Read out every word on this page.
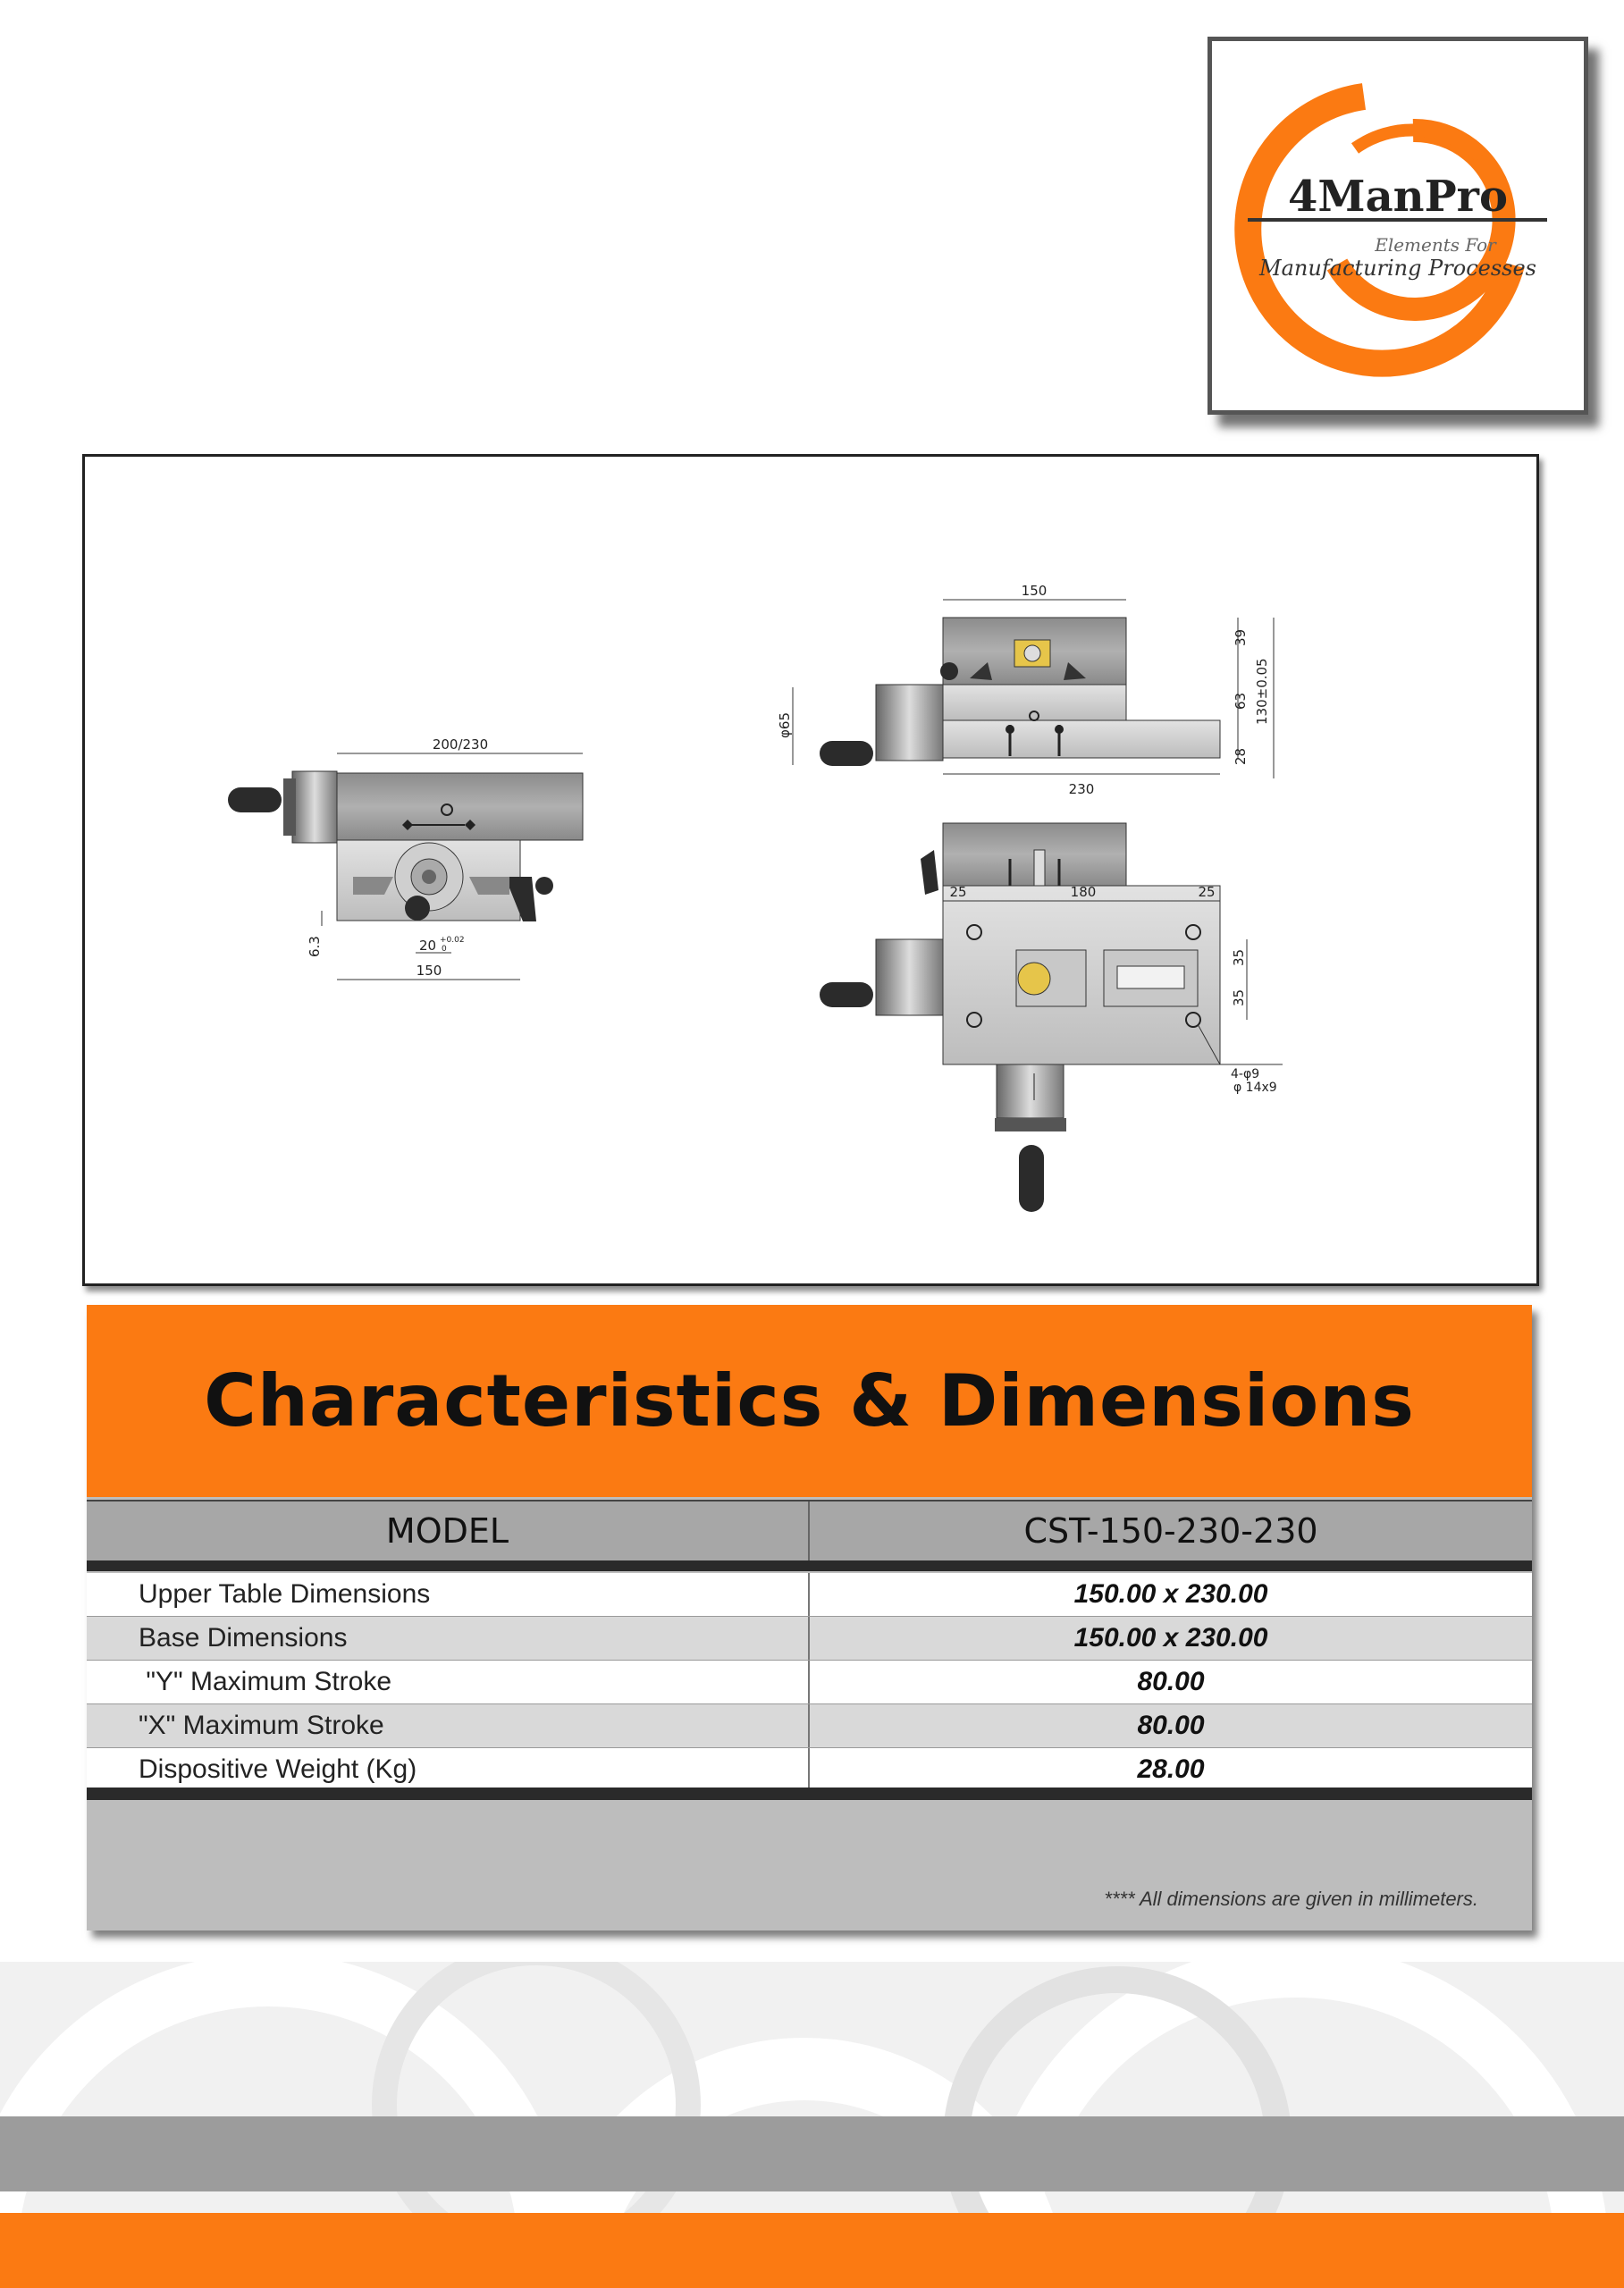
4ManPro
Elements For
Manufacturing Processes
200/230
150
20 +0.02
0
6.3
150
230
39
63
28
130±0.05
φ65
25	180	25
35
35
4-φ9
φ 14x9
Characteristics & Dimensions
MODEL	CST-150-230-230
Upper Table Dimensions	150.00 x 230.00
Base Dimensions	150.00 x 230.00
"Y" Maximum Stroke	80.00
"X" Maximum Stroke	80.00
Dispositive Weight (Kg)	28.00
**** All dimensions are given in millimeters.
